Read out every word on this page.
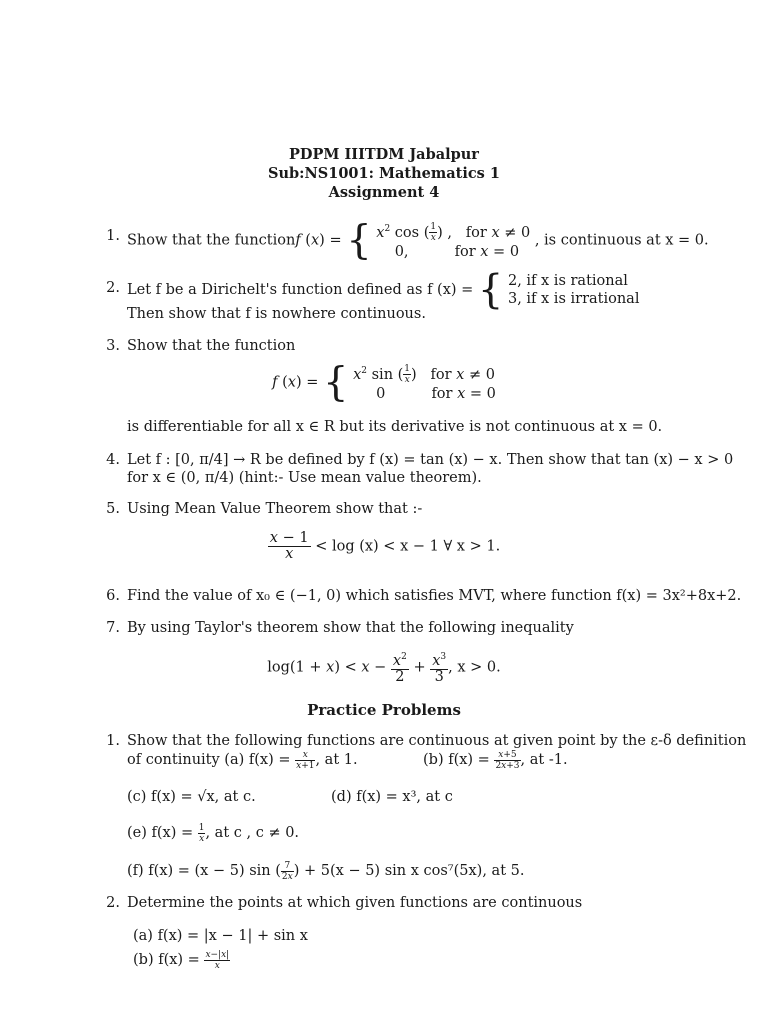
PDPM IIITDM Jabalpur
Sub:NS1001: Mathematics 1
Assignment 4
1. Show that the functionf (x) = { $x^2$ cos ( $\frac{1}{x}$ ) ,   for x ≠ 0
0,          for x = 0
, is continuous at x = 0.
2. Let f be a Dirichelt's function defined as f (x) = { 2, if x is rational
3, if x is irrational
Then show that f is nowhere continuous.
3. Show that the function
f (x) = { $x^2$ sin ( $\frac{1}{x}$ )   for x ≠ 0
0          for x = 0
is differentiable for all x ∈ R but its derivative is not continuous at x = 0.
4. Let f : [0, π/4] → R be defined by f (x) = tan (x) − x. Then show that tan (x) − x > 0
for x ∈ (0, π/4) (hint:- Use mean value theorem).
5. Using Mean Value Theorem show that :-
$\frac{x - 1}{x} < \log (x) < x - 1$ ∀ x > 1.
6. Find the value of x₀ ∈ (−1, 0) which satisfies MVT, where function f(x) = 3x²+8x+2.
7. By using Taylor's theorem show that the following inequality
$\log(1 + x) < x - \frac{x^2}{2} + \frac{x^3}{3}$ , x > 0.
Practice Problems
1. Show that the following functions are continuous at given point by the ε-δ definition
of continuity (a) $f(x) = \frac{x}{x+1}$ , at 1.	(b) $f(x) = \frac{x+5}{2x+3}$ , at -1.
(c) f(x) = √x, at c.	(d) f(x) = x³, at c
(e) $f(x) = \frac{1}{x}$ , at c , c ≠ 0.
(f) f(x) = (x − 5) sin ( $\frac{7}{2x}$ ) + 5(x − 5) sin x cos⁷(5x), at 5.
2. Determine the points at which given functions are continuous
(a) f(x) = |x − 1| + sin x
(b) $f(x) = \frac{x-|x|}{x}$
